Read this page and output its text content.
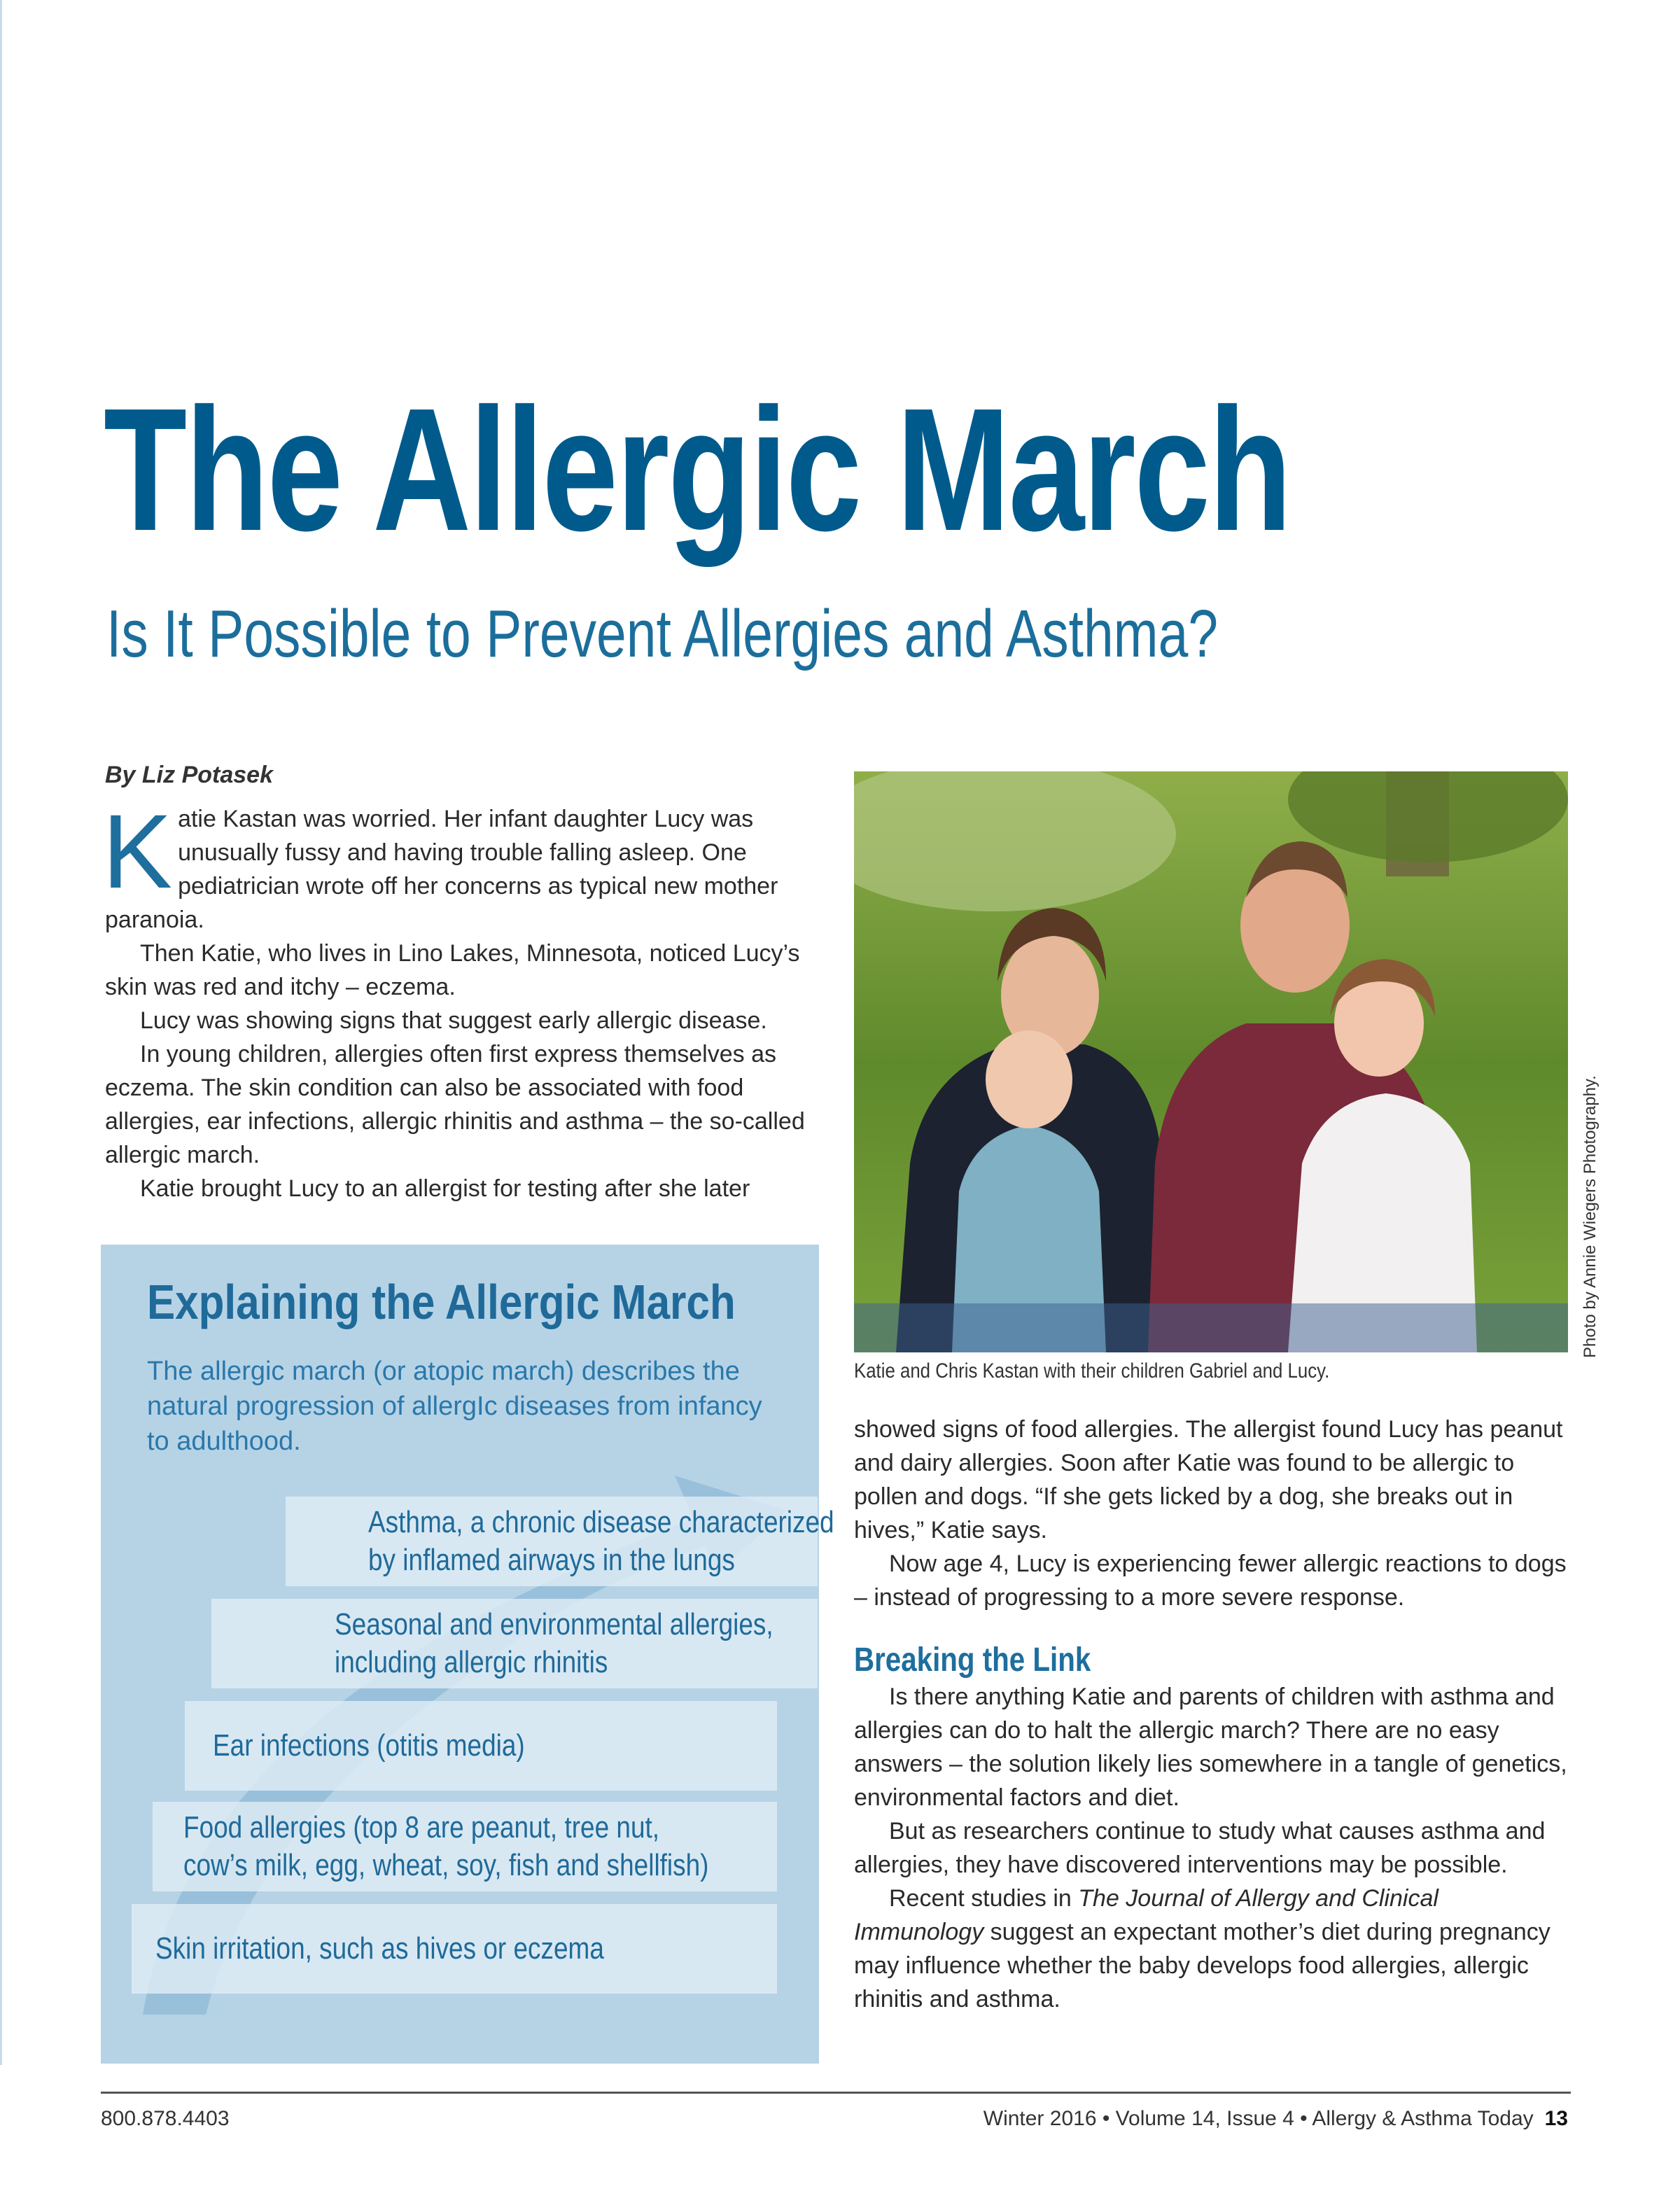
The Allergic March
Is It Possible to Prevent Allergies and Asthma?
By Liz Potasek

Katie Kastan was worried. Her infant daughter Lucy was unusually fussy and having trouble falling asleep. One pediatrician wrote off her concerns as typical new mother paranoia.

Then Katie, who lives in Lino Lakes, Minnesota, noticed Lucy’s skin was red and itchy – eczema.

Lucy was showing signs that suggest early allergic disease.

In young children, allergies often first express themselves as eczema. The skin condition can also be associated with food allergies, ear infections, allergic rhinitis and asthma – the so-called allergic march.

Katie brought Lucy to an allergist for testing after she later	Photo by Annie Wiegers Photography.
Katie and Chris Kastan with their children Gabriel and Lucy.

showed signs of food allergies. The allergist found Lucy has peanut and dairy allergies. Soon after Katie was found to be allergic to pollen and dogs. “If she gets licked by a dog, she breaks out in hives,” Katie says.

Now age 4, Lucy is experiencing fewer allergic reactions to dogs – instead of progressing to a more severe response.

Breaking the Link

Is there anything Katie and parents of children with asthma and allergies can do to halt the allergic march? There are no easy answers – the solution likely lies somewhere in a tangle of genetics, environmental factors and diet.

But as researchers continue to study what causes asthma and allergies, they have discovered interventions may be possible.

Recent studies in The Journal of Allergy and Clinical Immunology suggest an expectant mother’s diet during pregnancy may influence whether the baby develops food allergies, allergic rhinitis and asthma.

Explaining the Allergic March
The allergic march (or atopic march) describes the natural progression of allergIc diseases from infancy to adulthood.
Asthma, a chronic disease characterized
by inflamed airways in the lungs
Seasonal and environmental allergies,
including allergic rhinitis
Ear infections (otitis media)
Food allergies (top 8 are peanut, tree nut,
cow’s milk, egg, wheat, soy, fish and shellfish)
Skin irritation, such as hives or eczema
800.878.4403	Winter 2016 • Volume 14, Issue 4 • Allergy & Asthma Today 13
